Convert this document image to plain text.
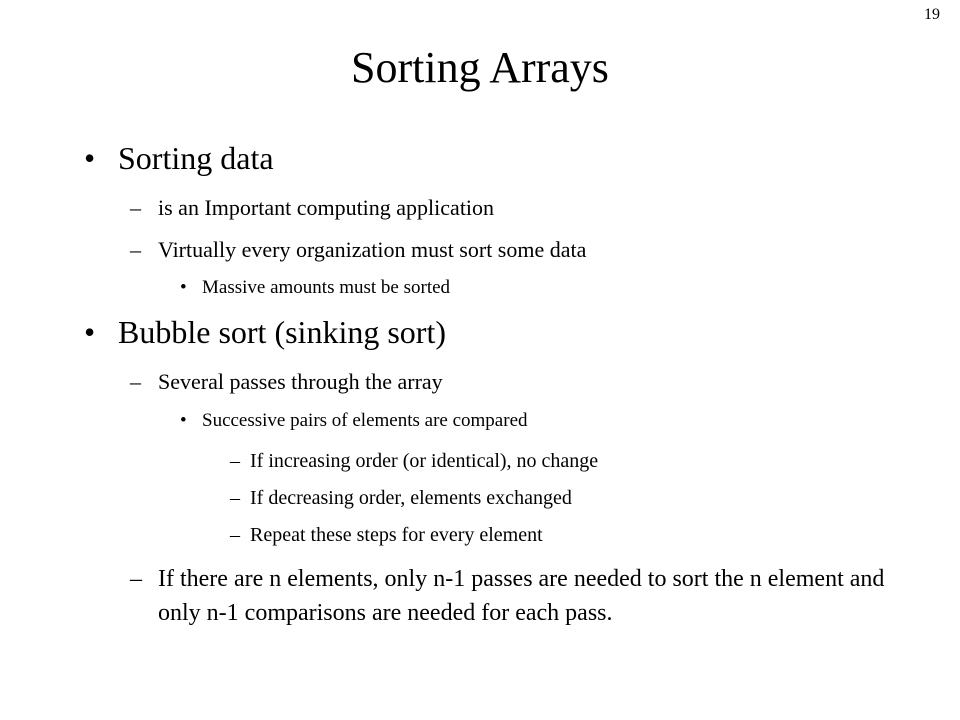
19
Sorting Arrays
• Sorting data
– is an Important computing application
– Virtually every organization must sort some data
• Massive amounts must be sorted
• Bubble sort (sinking sort)
– Several passes through the array
• Successive pairs of elements are compared
– If increasing order (or identical), no change
– If decreasing order, elements exchanged
– Repeat these steps for every element
– If there are n elements, only n-1 passes are needed to sort the n element and only n-1 comparisons are needed for each pass.
